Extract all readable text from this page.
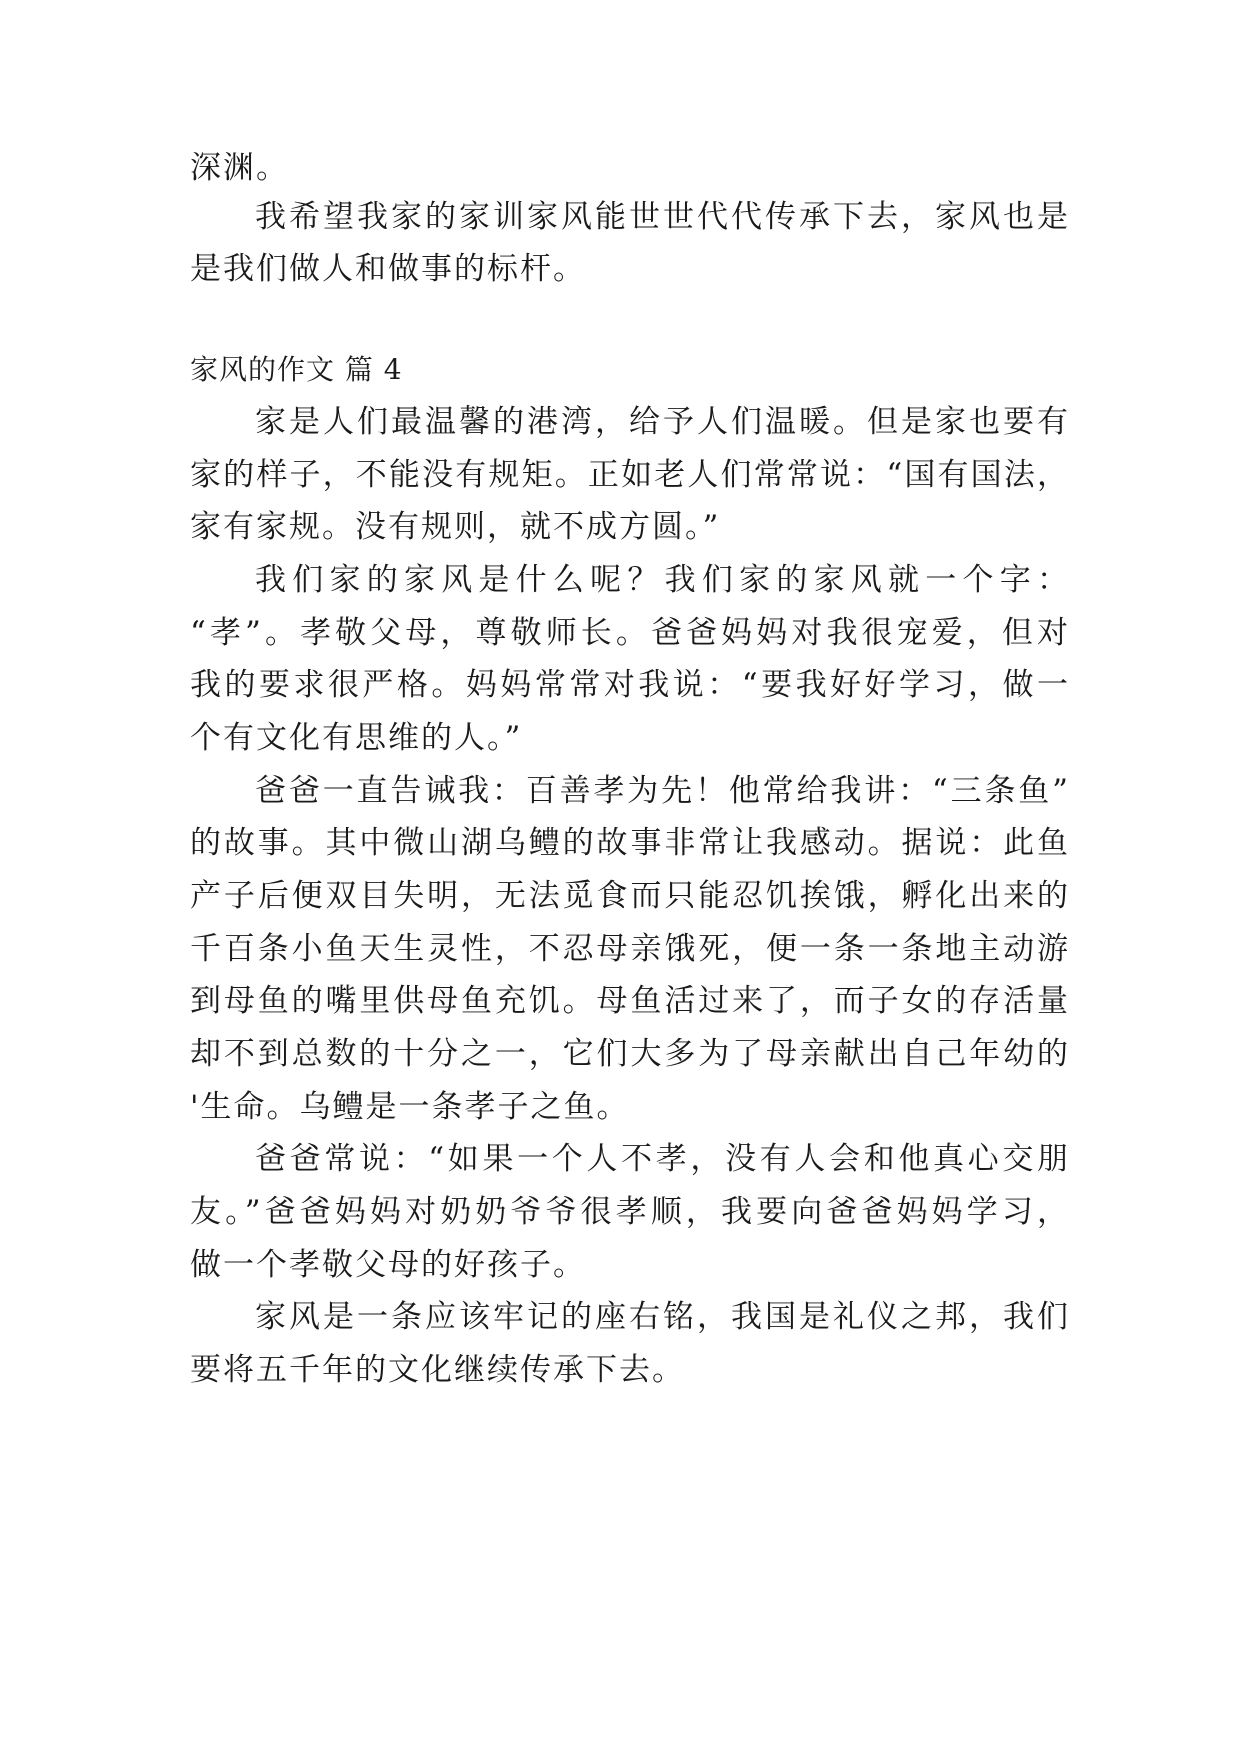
深渊。
我希望我家的家训家风能世世代代传承下去，家风也是
是我们做人和做事的标杆。
家风的作文 篇 4
家是人们最温馨的港湾，给予人们温暖。但是家也要有
家的样子，不能没有规矩。正如老人们常常说：“国有国法，
家有家规。没有规则，就不成方圆。”
我们家的家风是什么呢？我们家的家风就一个字：
“孝”。孝敬父母，尊敬师长。爸爸妈妈对我很宠爱，但对
我的要求很严格。妈妈常常对我说：“要我好好学习，做一
个有文化有思维的人。”
爸爸一直告诫我：百善孝为先！他常给我讲：“三条鱼”
的故事。其中微山湖乌鳢的故事非常让我感动。据说：此鱼
产子后便双目失明，无法觅食而只能忍饥挨饿，孵化出来的
千百条小鱼天生灵性，不忍母亲饿死，便一条一条地主动游
到母鱼的嘴里供母鱼充饥。母鱼活过来了，而子女的存活量
却不到总数的十分之一，它们大多为了母亲献出自己年幼的
'生命。乌鳢是一条孝子之鱼。
爸爸常说：“如果一个人不孝，没有人会和他真心交朋
友。”爸爸妈妈对奶奶爷爷很孝顺，我要向爸爸妈妈学习，
做一个孝敬父母的好孩子。
家风是一条应该牢记的座右铭，我国是礼仪之邦，我们
要将五千年的文化继续传承下去。
